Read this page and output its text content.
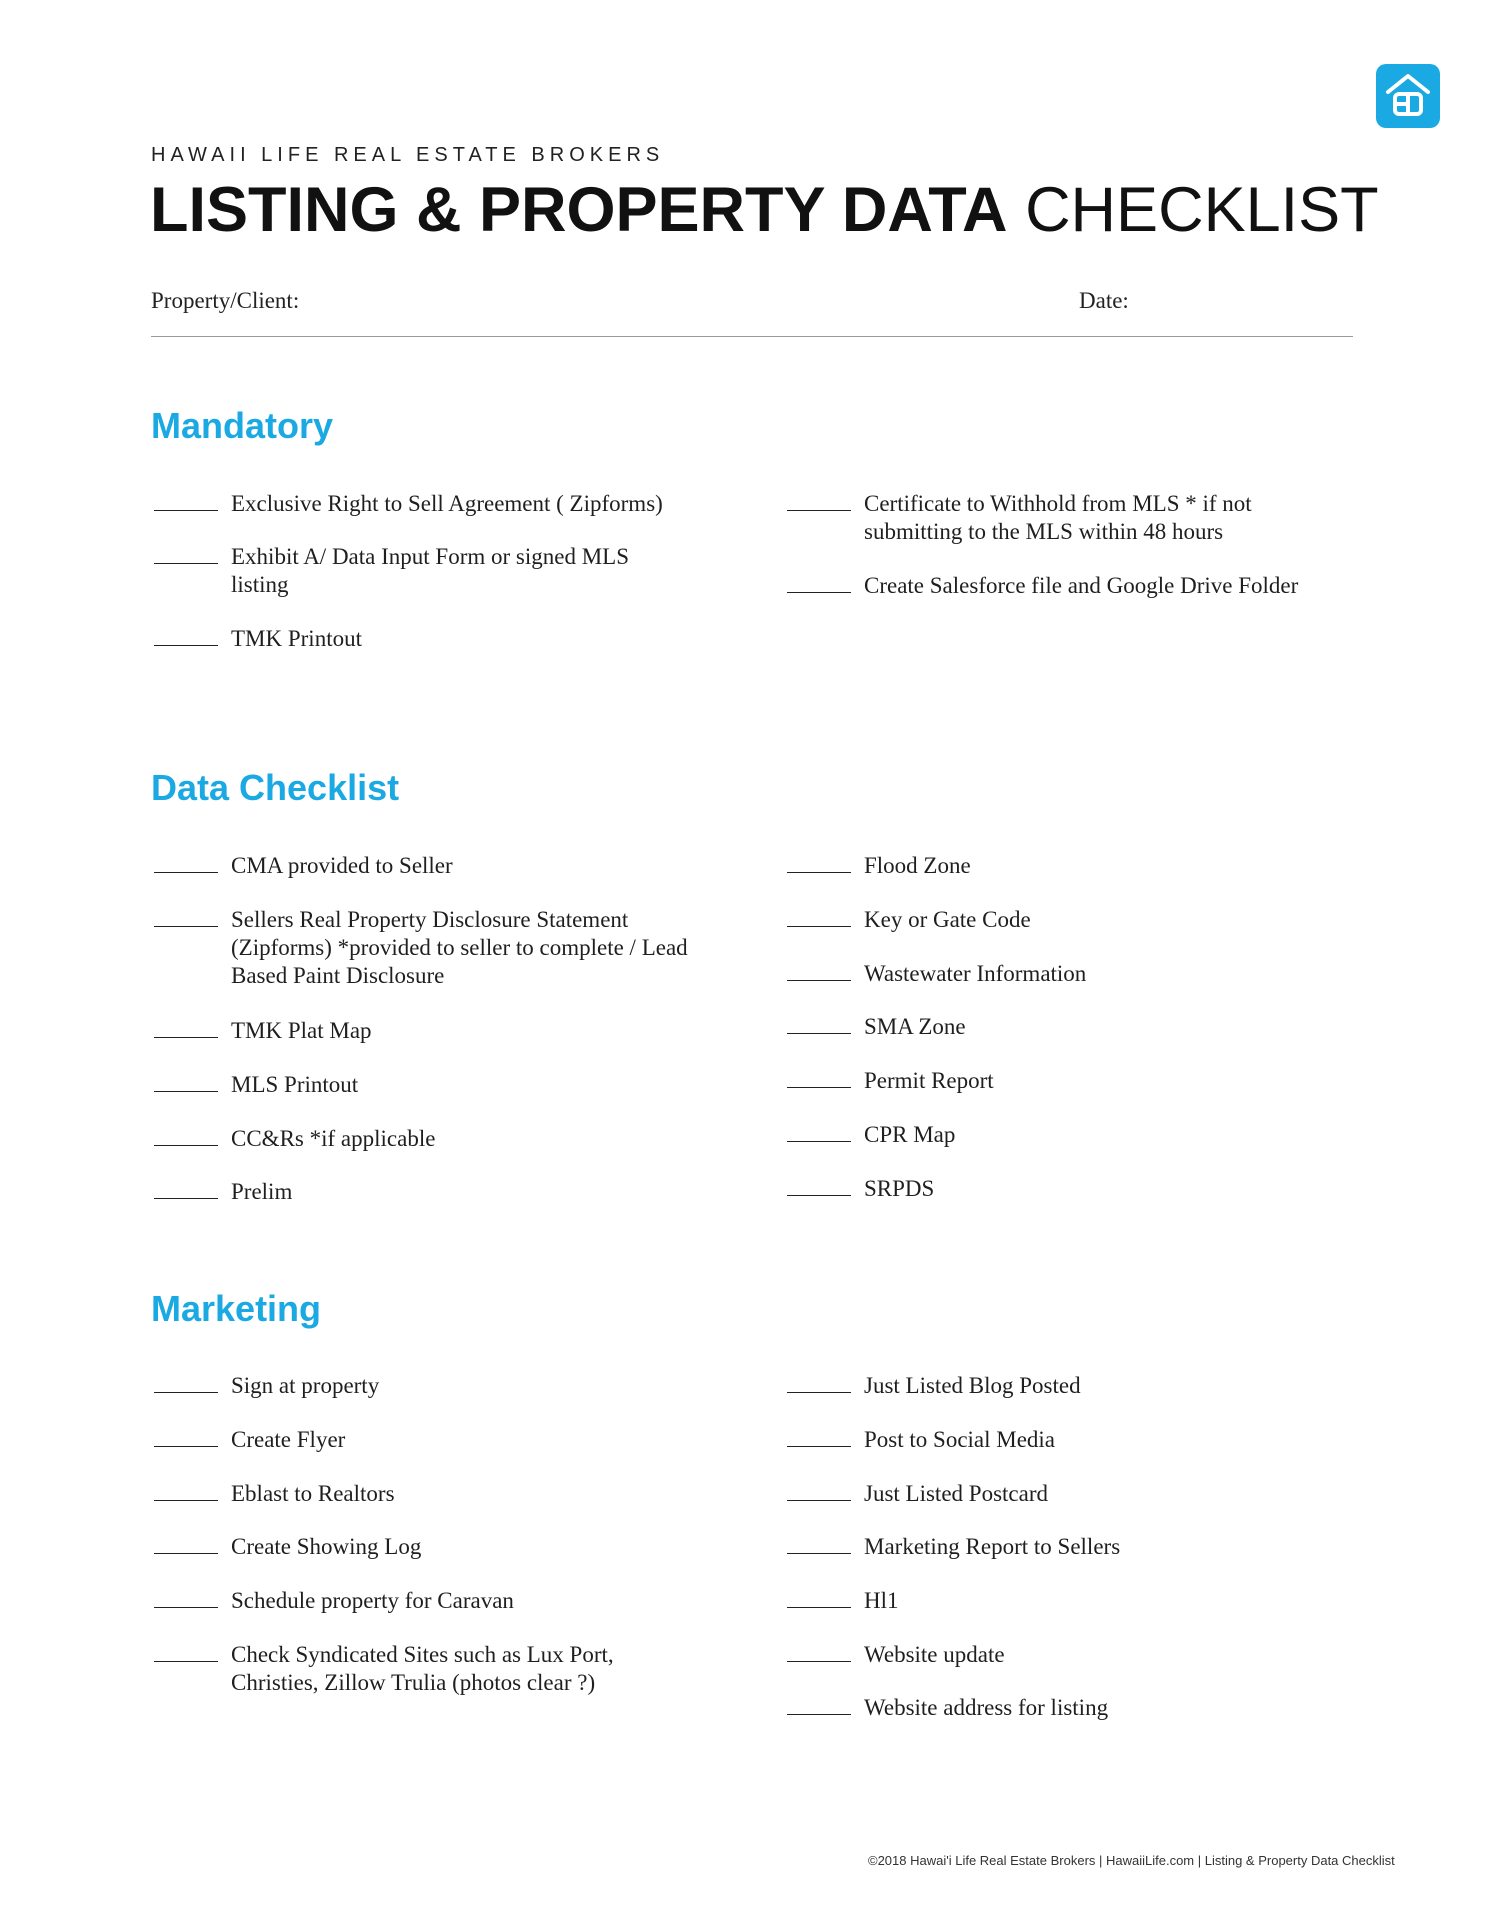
HAWAII LIFE REAL ESTATE BROKERS
LISTING & PROPERTY DATA CHECKLIST
Property/Client:	Date:
Mandatory
Exclusive Right to Sell Agreement ( Zipforms)
Exhibit A/ Data Input Form or signed MLS listing
TMK Printout
Certificate to Withhold from MLS * if not submitting to the MLS within 48 hours
Create Salesforce file and Google Drive Folder
Data Checklist
CMA provided to Seller
Sellers Real Property Disclosure Statement (Zipforms) *provided to seller to complete / Lead Based Paint Disclosure
TMK Plat Map
MLS Printout
CC&Rs *if applicable
Prelim
Flood Zone
Key or Gate Code
Wastewater Information
SMA Zone
Permit Report
CPR Map
SRPDS
Marketing
Sign at property
Create Flyer
Eblast to Realtors
Create Showing Log
Schedule property for Caravan
Check Syndicated Sites such as Lux Port, Christies, Zillow Trulia (photos clear ?)
Just Listed Blog Posted
Post to Social Media
Just Listed Postcard
Marketing Report to Sellers
Hl1
Website update
Website address for listing
©2018 Hawai'i Life Real Estate Brokers | HawaiiLife.com | Listing & Property Data Checklist
